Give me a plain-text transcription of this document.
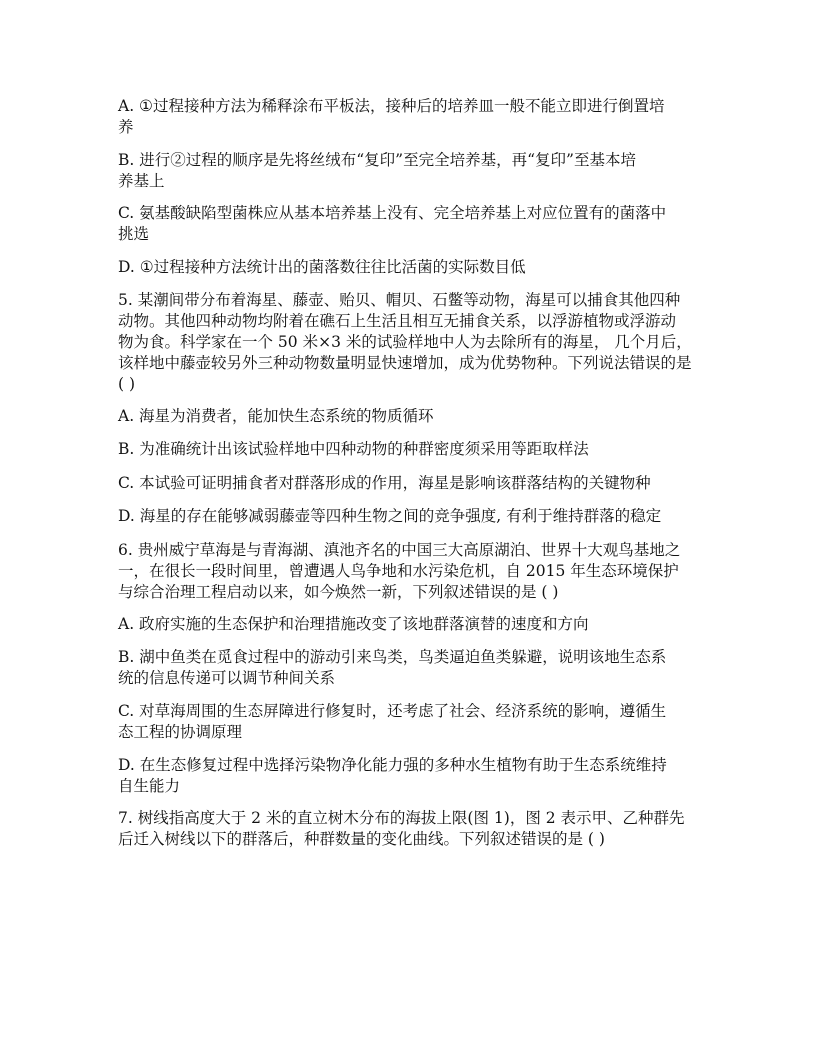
A. ①过程接种方法为稀释涂布平板法，接种后的培养皿一般不能立即进行倒置培
养
B. 进行②过程的顺序是先将丝绒布“复印”至完全培养基，再“复印”至基本培
养基上
C. 氨基酸缺陷型菌株应从基本培养基上没有、完全培养基上对应位置有的菌落中
挑选
D. ①过程接种方法统计出的菌落数往往比活菌的实际数目低
5. 某潮间带分布着海星、藤壶、贻贝、帽贝、石鳖等动物，海星可以捕食其他四种
动物。其他四种动物均附着在礁石上生活且相互无捕食关系，以浮游植物或浮游动
物为食。科学家在一个 50 米×3 米的试验样地中人为去除所有的海星， 几个月后，
该样地中藤壶较另外三种动物数量明显快速增加，成为优势物种。下列说法错误的是
( )
A. 海星为消费者，能加快生态系统的物质循环
B. 为准确统计出该试验样地中四种动物的种群密度须采用等距取样法
C. 本试验可证明捕食者对群落形成的作用，海星是影响该群落结构的关键物种
D. 海星的存在能够减弱藤壶等四种生物之间的竞争强度, 有利于维持群落的稳定
6. 贵州威宁草海是与青海湖、滇池齐名的中国三大高原湖泊、世界十大观鸟基地之
一，在很长一段时间里，曾遭遇人鸟争地和水污染危机，自 2015 年生态环境保护
与综合治理工程启动以来，如今焕然一新，下列叙述错误的是 ( )
A. 政府实施的生态保护和治理措施改变了该地群落演替的速度和方向
B. 湖中鱼类在觅食过程中的游动引来鸟类，鸟类逼迫鱼类躲避，说明该地生态系
统的信息传递可以调节种间关系
C. 对草海周围的生态屏障进行修复时，还考虑了社会、经济系统的影响，遵循生
态工程的协调原理
D. 在生态修复过程中选择污染物净化能力强的多种水生植物有助于生态系统维持
自生能力
7. 树线指高度大于 2 米的直立树木分布的海拔上限(图 1)，图 2 表示甲、乙种群先
后迁入树线以下的群落后，种群数量的变化曲线。下列叙述错误的是 ( )
